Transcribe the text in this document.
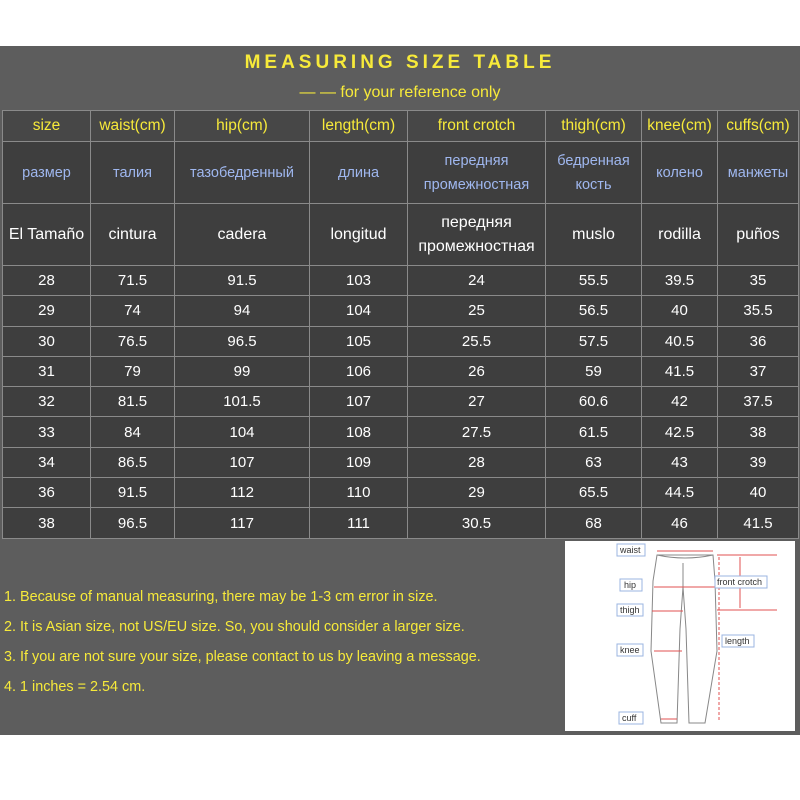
MEASURING SIZE TABLE
— — for your reference only
size	waist(cm)	hip(cm)	length(cm)	front crotch	thigh(cm)	knee(cm)	cuffs(cm)
размер	талия	тазобедренный	длина	передняя промежностная	бедренная кость	колено	манжеты
El Tamaño	cintura	cadera	longitud	передняя промежностная	muslo	rodilla	puños
28	71.5	91.5	103	24	55.5	39.5	35
29	74	94	104	25	56.5	40	35.5
30	76.5	96.5	105	25.5	57.5	40.5	36
31	79	99	106	26	59	41.5	37
32	81.5	101.5	107	27	60.6	42	37.5
33	84	104	108	27.5	61.5	42.5	38
34	86.5	107	109	28	63	43	39
36	91.5	112	110	29	65.5	44.5	40
38	96.5	117	111	30.5	68	46	41.5
1. Because of manual measuring, there may be 1-3 cm error in size.
2. It is Asian size, not US/EU size. So, you should consider a larger size.
3. If you are not sure your size, please contact to us by leaving a message.
4. 1 inches = 2.54 cm.
waist
hip
thigh
knee
cuff
front crotch
length
